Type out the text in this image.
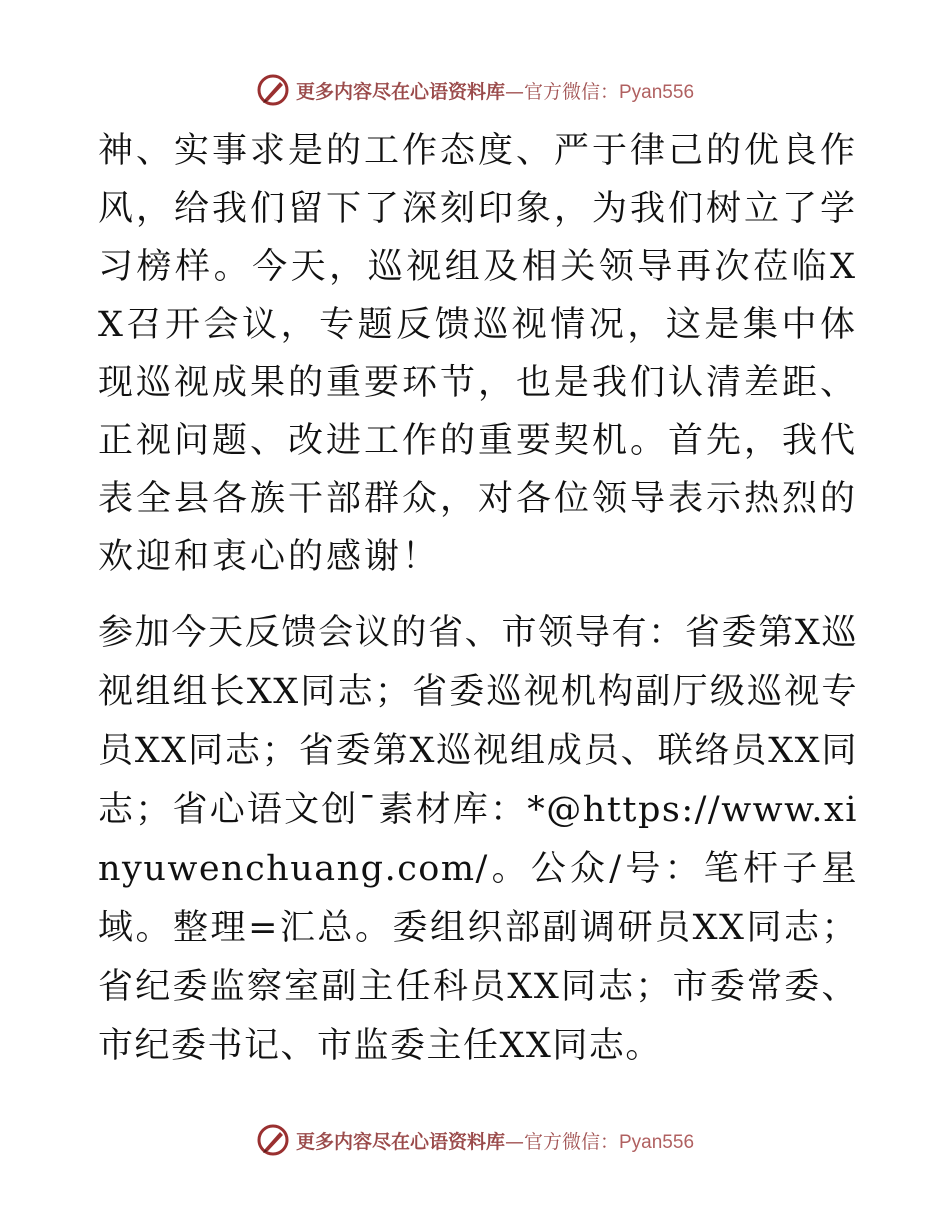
更多内容尽在心语资料库—官方微信：Pyan556

神、实事求是的工作态度、严于律己的优良作风，给我们留下了深刻印象，为我们树立了学习榜样。今天，巡视组及相关领导再次莅临XX召开会议，专题反馈巡视情况，这是集中体现巡视成果的重要环节，也是我们认清差距、正视问题、改进工作的重要契机。首先，我代表全县各族干部群众，对各位领导表示热烈的欢迎和衷心的感谢！

参加今天反馈会议的省、市领导有：省委第X巡视组组长XX同志；省委巡视机构副厅级巡视专员XX同志；省委第X巡视组成员、联络员XX同志；省心语文创¯素材库：*@https://www.xinyuwenchuang.com/。公众/号：笔杆子星域。整理=汇总。委组织部副调研员XX同志；省纪委监察室副主任科员XX同志；市委常委、市纪委书记、市监委主任XX同志。

更多内容尽在心语资料库—官方微信：Pyan556
